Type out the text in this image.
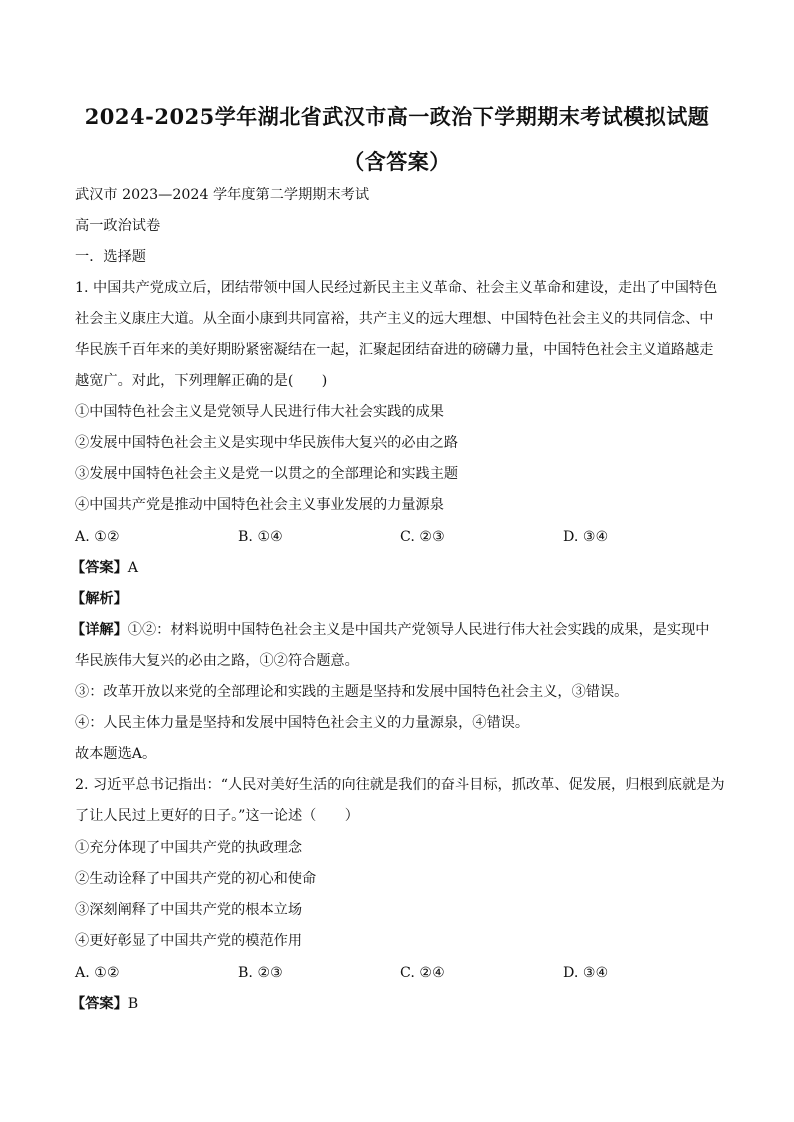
2024-2025学年湖北省武汉市高一政治下学期期末考试模拟试题
（含答案）
武汉市 2023—2024 学年度第二学期期末考试
高一政治试卷
一．选择题
1. 中国共产党成立后，团结带领中国人民经过新民主主义革命、社会主义革命和建设，走出了中国特色
社会主义康庄大道。从全面小康到共同富裕，共产主义的远大理想、中国特色社会主义的共同信念、中
华民族千百年来的美好期盼紧密凝结在一起，汇聚起团结奋进的磅礴力量，中国特色社会主义道路越走
越宽广。对此，下列理解正确的是(　　)
①中国特色社会主义是党领导人民进行伟大社会实践的成果
②发展中国特色社会主义是实现中华民族伟大复兴的必由之路
③发展中国特色社会主义是党一以贯之的全部理论和实践主题
④中国共产党是推动中国特色社会主义事业发展的力量源泉
A. ①②	B. ①④	C. ②③	D. ③④
【答案】A
【解析】
【详解】①②：材料说明中国特色社会主义是中国共产党领导人民进行伟大社会实践的成果，是实现中
华民族伟大复兴的必由之路，①②符合题意。
③：改革开放以来党的全部理论和实践的主题是坚持和发展中国特色社会主义，③错误。
④：人民主体力量是坚持和发展中国特色社会主义的力量源泉，④错误。
故本题选A。
2. 习近平总书记指出：“人民对美好生活的向往就是我们的奋斗目标，抓改革、促发展，归根到底就是为
了让人民过上更好的日子。”这一论述（　　）
①充分体现了中国共产党的执政理念
②生动诠释了中国共产党的初心和使命
③深刻阐释了中国共产党的根本立场
④更好彰显了中国共产党的模范作用
A. ①②	B. ②③	C. ②④	D. ③④
【答案】B
